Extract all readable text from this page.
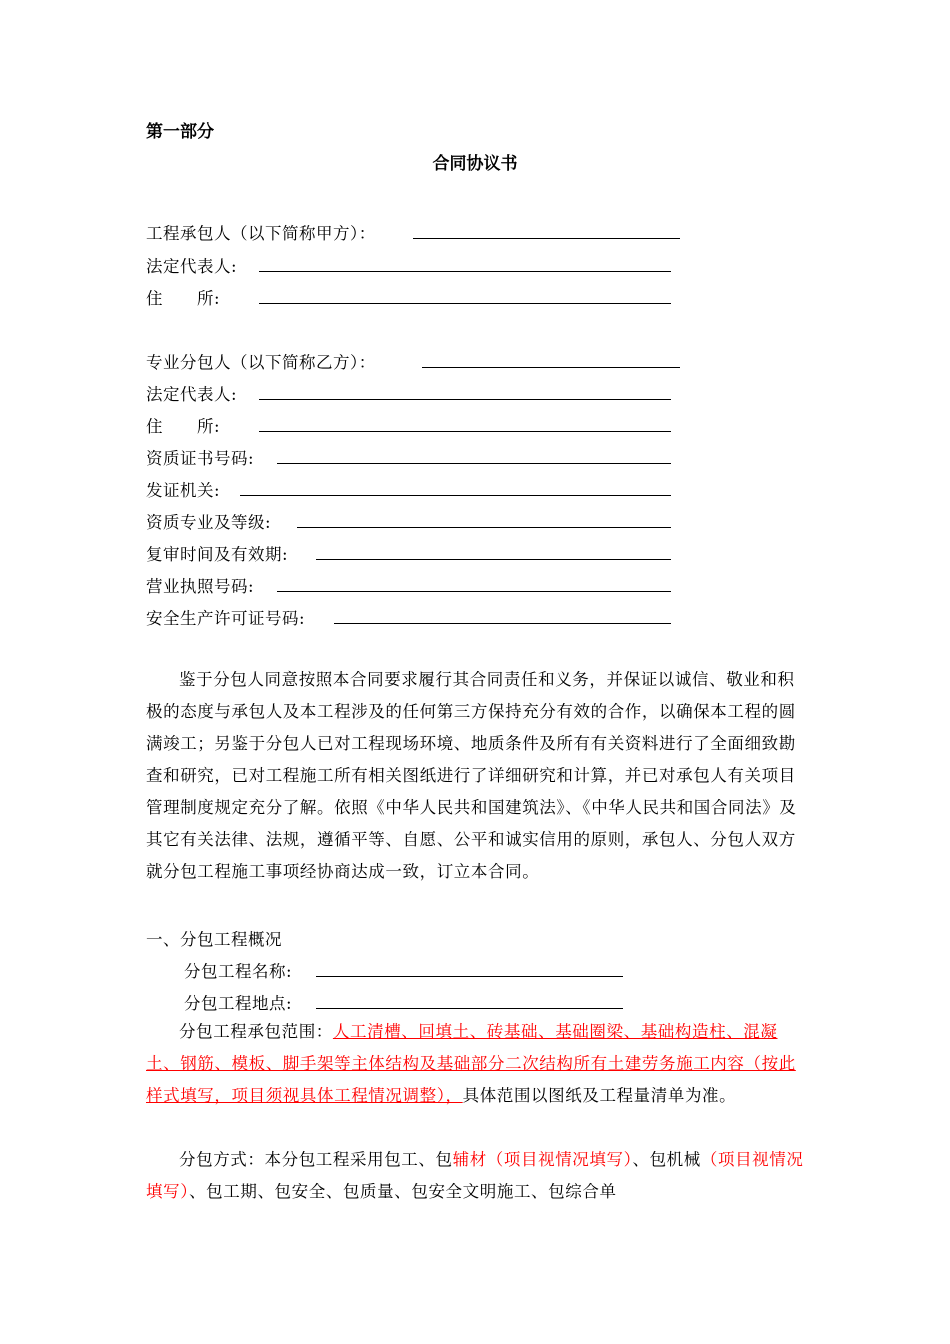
第一部分
合同协议书
工程承包人（以下简称甲方）：
法定代表人:
住　　所:
专业分包人（以下简称乙方）：
法定代表人:
住　　所:
资质证书号码:
发证机关:
资质专业及等级:
复审时间及有效期:
营业执照号码:
安全生产许可证号码:
鉴于分包人同意按照本合同要求履行其合同责任和义务，并保证以诚信、敬业和积极的态度与承包人及本工程涉及的任何第三方保持充分有效的合作，以确保本工程的圆满竣工；另鉴于分包人已对工程现场环境、地质条件及所有有关资料进行了全面细致勘查和研究，已对工程施工所有相关图纸进行了详细研究和计算，并已对承包人有关项目管理制度规定充分了解。依照《中华人民共和国建筑法》、《中华人民共和国合同法》及其它有关法律、法规，遵循平等、自愿、公平和诚实信用的原则，承包人、分包人双方就分包工程施工事项经协商达成一致，订立本合同。
一、分包工程概况
分包工程名称:
分包工程地点:
分包工程承包范围：人工清槽、回填土、砖基础、基础圈梁、基础构造柱、混凝土、钢筋、模板、脚手架等主体结构及基础部分二次结构所有土建劳务施工内容（按此样式填写，项目须视具体工程情况调整），具体范围以图纸及工程量清单为准。
分包方式：本分包工程采用包工、包辅材（项目视情况填写）、包机械（项目视情况填写）、包工期、包安全、包质量、包安全文明施工、包综合单
